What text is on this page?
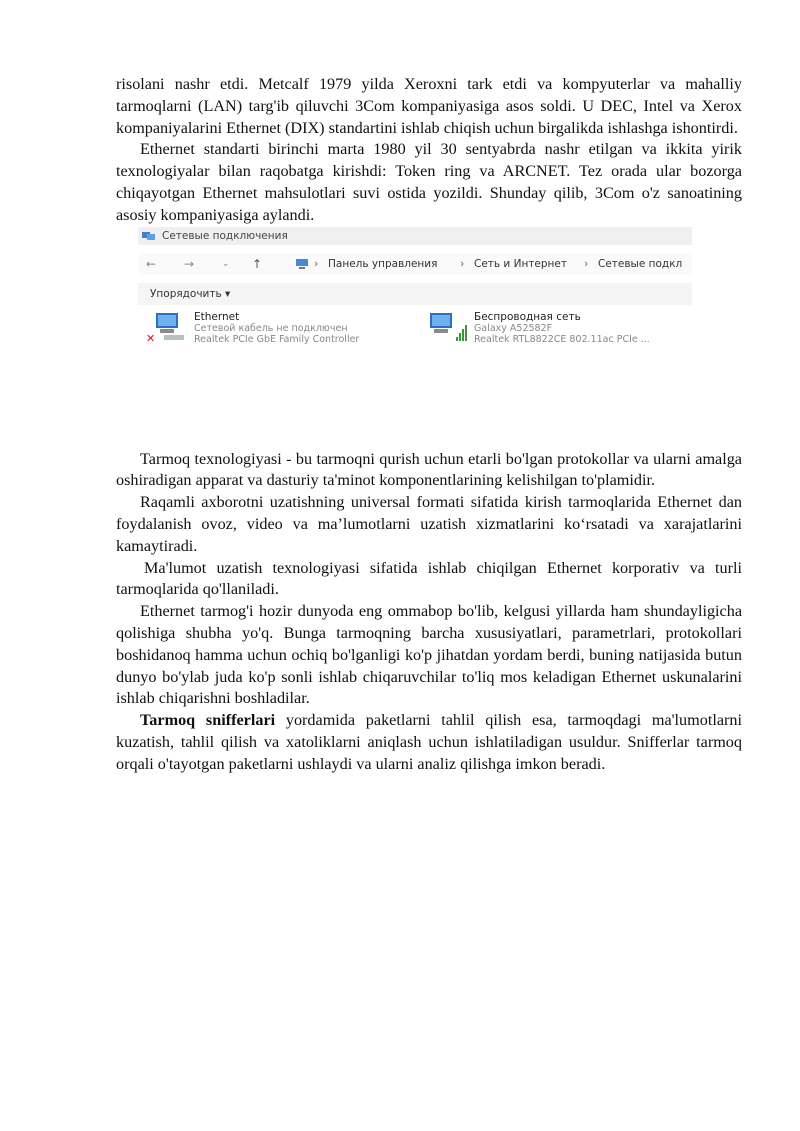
risolani nashr etdi. Metcalf 1979 yilda Xeroxni tark etdi va kompyuterlar va mahalliy tarmoqlarni (LAN) targ'ib qiluvchi 3Com kompaniyasiga asos soldi. U DEC, Intel va Xerox kompaniyalarini Ethernet (DIX) standartini ishlab chiqish uchun birgalikda ishlashga ishontirdi.

Ethernet standarti birinchi marta 1980 yil 30 sentyabrda nashr etilgan va ikkita yirik texnologiyalar bilan raqobatga kirishdi: Token ring va ARCNET. Tez orada ular bozorga chiqayotgan Ethernet mahsulotlari suvi ostida yozildi. Shunday qilib, 3Com o'z sanoatining asosiy kompaniyasiga aylandi.

Сетевые подключения
← →	⌄ ↑	› Панель управления › Сеть и Интернет › Сетевые подкл
Упорядочить ▾
✕
Ethernet
Сетевой кабель не подключен
Realtek PCIe GbE Family Controller
Беспроводная сеть
Galaxy A52582F
Realtek RTL8822CE 802.11ac PCIe ...

Tarmoq texnologiyasi - bu tarmoqni qurish uchun etarli bo'lgan protokollar va ularni amalga oshiradigan apparat va dasturiy ta'minot komponentlarining kelishilgan to'plamidir.

Raqamli axborotni uzatishning universal formati sifatida kirish tarmoqlarida Ethernet dan foydalanish ovoz, video va ma’lumotlarni uzatish xizmatlarini ko‘rsatadi va xarajatlarini kamaytiradi.

Ma'lumot uzatish texnologiyasi sifatida ishlab chiqilgan Ethernet korporativ va turli tarmoqlarida qo'llaniladi.

Ethernet tarmog'i hozir dunyoda eng ommabop bo'lib, kelgusi yillarda ham shundayligicha qolishiga shubha yo'q. Bunga tarmoqning barcha xususiyatlari, parametrlari, protokollari boshidanoq hamma uchun ochiq bo'lganligi ko'p jihatdan yordam berdi, buning natijasida butun dunyo bo'ylab juda ko'p sonli ishlab chiqaruvchilar to'liq mos keladigan Ethernet uskunalarini ishlab chiqarishni boshladilar.

Tarmoq snifferlari yordamida paketlarni tahlil qilish esa, tarmoqdagi ma'lumotlarni kuzatish, tahlil qilish va xatoliklarni aniqlash uchun ishlatiladigan usuldur. Snifferlar tarmoq orqali o'tayotgan paketlarni ushlaydi va ularni analiz qilishga imkon beradi.
